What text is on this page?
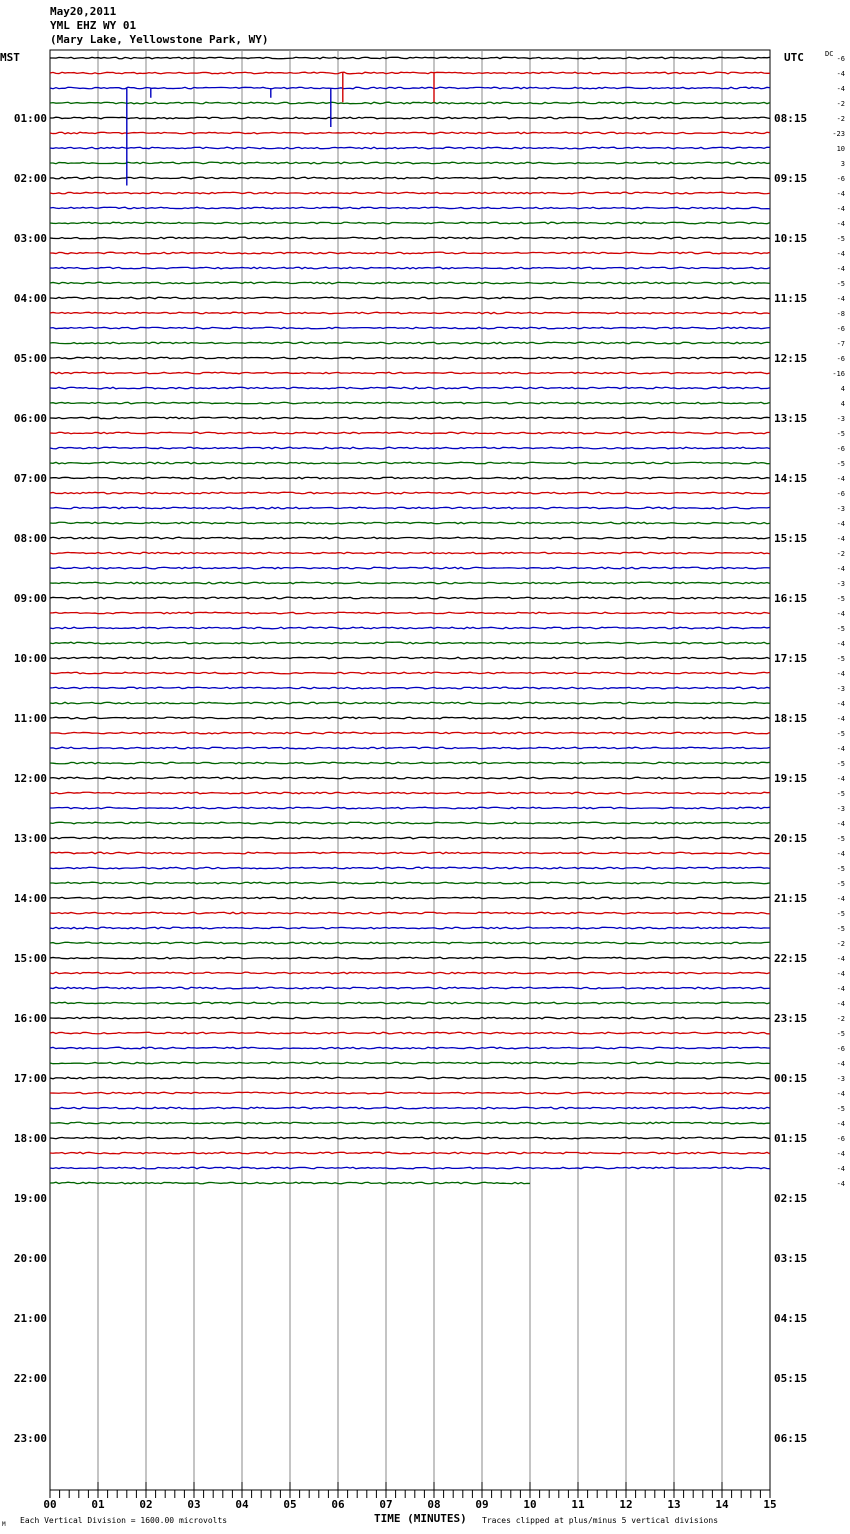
May20,2011
YML EHZ WY 01
(Mary Lake, Yellowstone Park, WY)
01:00
02:00
03:00
04:00
05:00
06:00
07:00
08:00
09:00
10:00
11:00
12:00
13:00
14:00
15:00
16:00
17:00
18:00
19:00
20:00
21:00
22:00
23:00
08:15
09:15
10:15
11:15
12:15
13:15
14:15
15:15
16:15
17:15
18:15
19:15
20:15
21:15
22:15
23:15
00:15
01:15
02:15
03:15
04:15
05:15
06:15
-6
-4
-4
-2
-2
-23
10
3
-6
-4
-4
-4
-5
-4
-4
-5
-4
-8
-6
-7
-6
-16
4
4
-3
-5
-6
-5
-4
-6
-3
-4
-4
-2
-4
-3
-5
-4
-5
-4
-5
-4
-3
-4
-4
-5
-4
-5
-4
-5
-3
-4
-5
-4
-5
-5
-4
-5
-5
-2
-4
-4
-4
-4
-2
-5
-6
-4
-3
-4
-5
-4
-6
-4
-4
-4
00	01	02	03	04	05	06	07	08	09	10	11	12	13	14	15
MST	UTC	DC
TIME (MINUTES)
Each Vertical Division = 1600.00 microvolts	Traces clipped at plus/minus 5 vertical divisions
M
